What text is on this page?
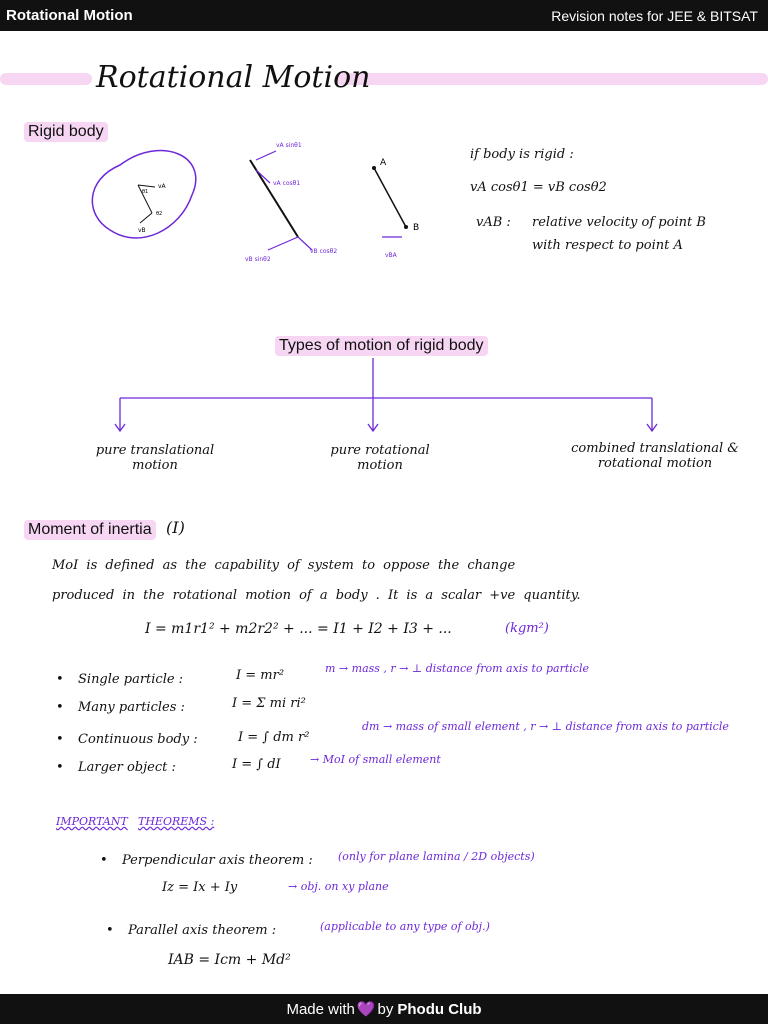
Rotational Motion	Revision notes for JEE & BITSAT
Rotational Motion
Rigid body
vA
vB
θ1
θ2
vA sinθ1
vA cosθ1
vB sinθ2
vB cosθ2
A
B
vBA
if body is rigid :
vA cosθ1 = vB cosθ2
vAB : relative velocity of point B
with respect to point A
Types of motion of rigid body
pure translational
motion
pure rotational
motion
combined translational &
rotational motion
Moment of inertia (I)
MoI is defined as the capability of system to oppose the change
produced in the rotational motion of a body . It is a scalar +ve quantity.
I = m1r1² + m2r2² + ... = I1 + I2 + I3 + ...	(kgm²)
• Single particle :	I = mr²	m → mass , r → ⊥ distance from axis to particle
• Many particles :	I = Σ mi ri²
• Continuous body :	I = ∫ dm r²
dm → mass of small element , r → ⊥ distance from axis to particle
• Larger object :	I = ∫ dI	→ MoI of small element
IMPORTANT THEOREMS :
• Perpendicular axis theorem : (only for plane lamina / 2D objects)
Iz = Ix + Iy	→ obj. on xy plane
• Parallel axis theorem :	(applicable to any type of obj.)
IAB = Icm + Md²
Made with 💜 by Phodu Club
